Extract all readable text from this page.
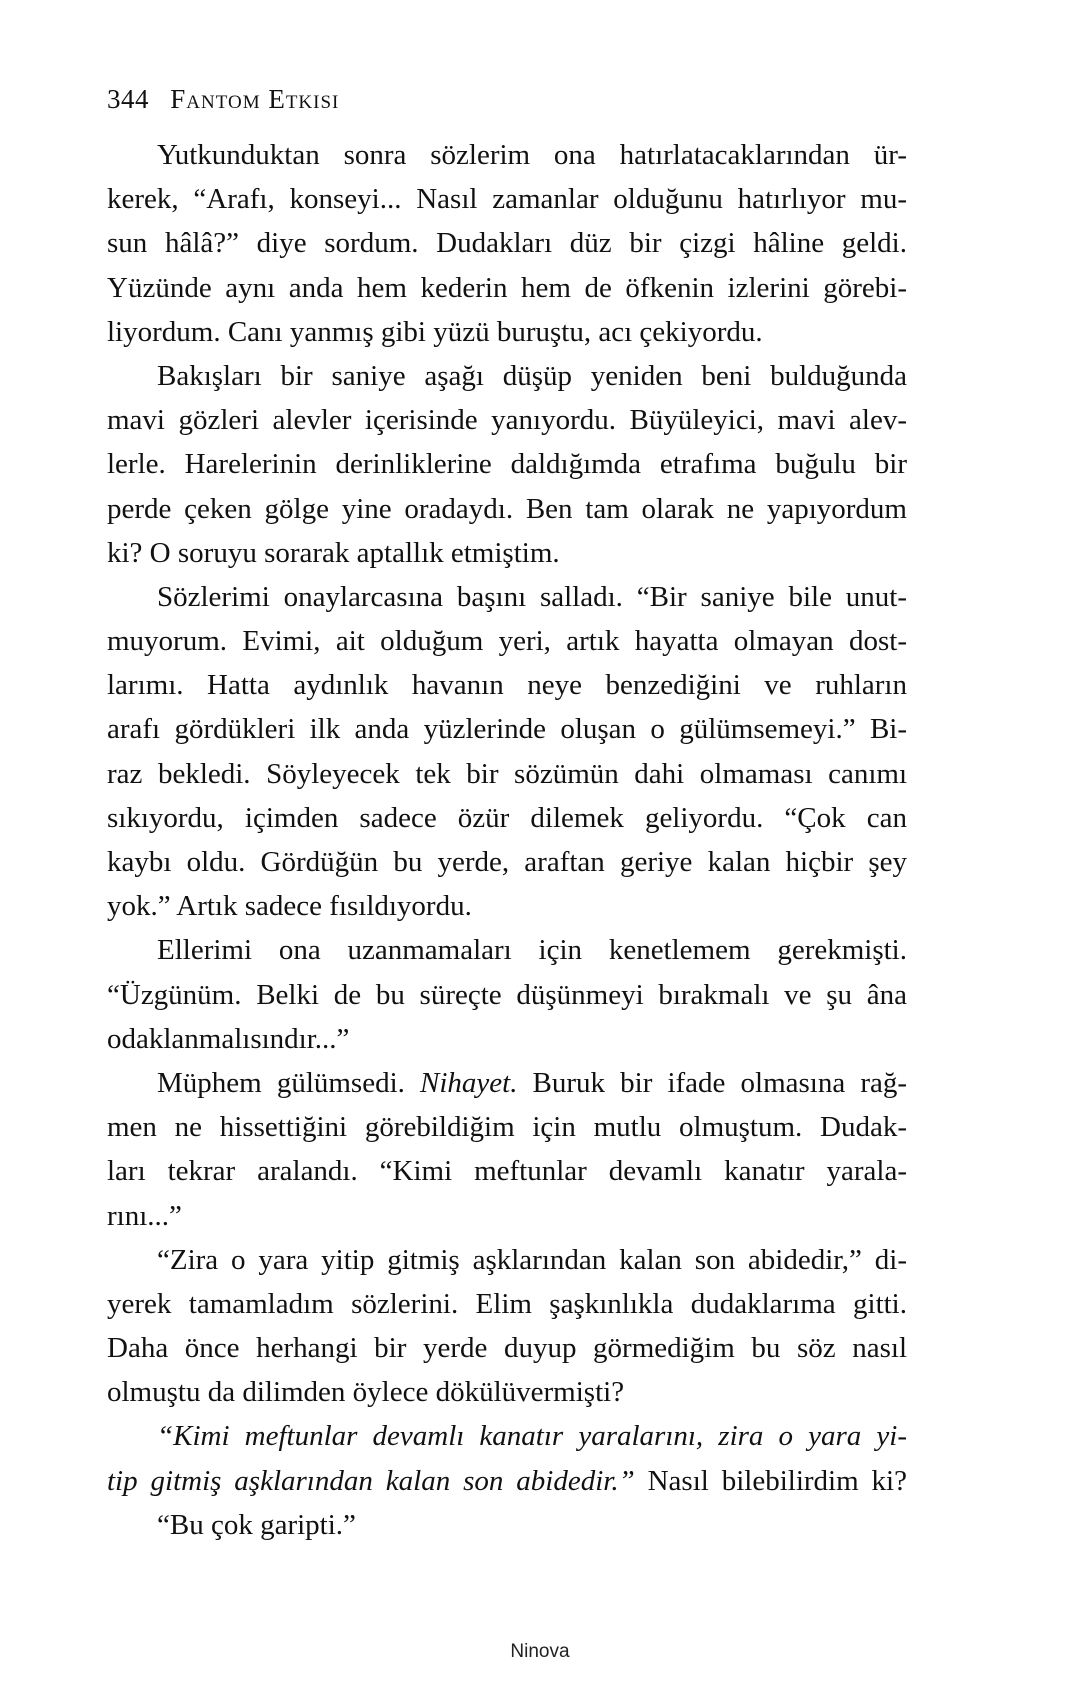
344 Fantom Etkisi
Yutkunduktan sonra sözlerim ona hatırlatacaklarından ür-
kerek, “Arafı, konseyi... Nasıl zamanlar olduğunu hatırlıyor mu-
sun hâlâ?” diye sordum. Dudakları düz bir çizgi hâline geldi.
Yüzünde aynı anda hem kederin hem de öfkenin izlerini görebi-
liyordum. Canı yanmış gibi yüzü buruştu, acı çekiyordu.
Bakışları bir saniye aşağı düşüp yeniden beni bulduğunda
mavi gözleri alevler içerisinde yanıyordu. Büyüleyici, mavi alev-
lerle. Harelerinin derinliklerine daldığımda etrafıma buğulu bir
perde çeken gölge yine oradaydı. Ben tam olarak ne yapıyordum
ki? O soruyu sorarak aptallık etmiştim.
Sözlerimi onaylarcasına başını salladı. “Bir saniye bile unut-
muyorum. Evimi, ait olduğum yeri, artık hayatta olmayan dost-
larımı. Hatta aydınlık havanın neye benzediğini ve ruhların
arafı gördükleri ilk anda yüzlerinde oluşan o gülümsemeyi.” Bi-
raz bekledi. Söyleyecek tek bir sözümün dahi olmaması canımı
sıkıyordu, içimden sadece özür dilemek geliyordu. “Çok can
kaybı oldu. Gördüğün bu yerde, araftan geriye kalan hiçbir şey
yok.” Artık sadece fısıldıyordu.
Ellerimi ona uzanmamaları için kenetlemem gerekmişti.
“Üzgünüm. Belki de bu süreçte düşünmeyi bırakmalı ve şu âna
odaklanmalısındır...”
Müphem gülümsedi. Nihayet. Buruk bir ifade olmasına rağ-
men ne hissettiğini görebildiğim için mutlu olmuştum. Dudak-
ları tekrar aralandı. “Kimi meftunlar devamlı kanatır yarala-
rını...”
“Zira o yara yitip gitmiş aşklarından kalan son abidedir,” di-
yerek tamamladım sözlerini. Elim şaşkınlıkla dudaklarıma gitti.
Daha önce herhangi bir yerde duyup görmediğim bu söz nasıl
olmuştu da dilimden öylece dökülüvermişti?
“Kimi meftunlar devamlı kanatır yaralarını, zira o yara yi-
tip gitmiş aşklarından kalan son abidedir.” Nasıl bilebilirdim ki?
“Bu çok garipti.”
Ninova
